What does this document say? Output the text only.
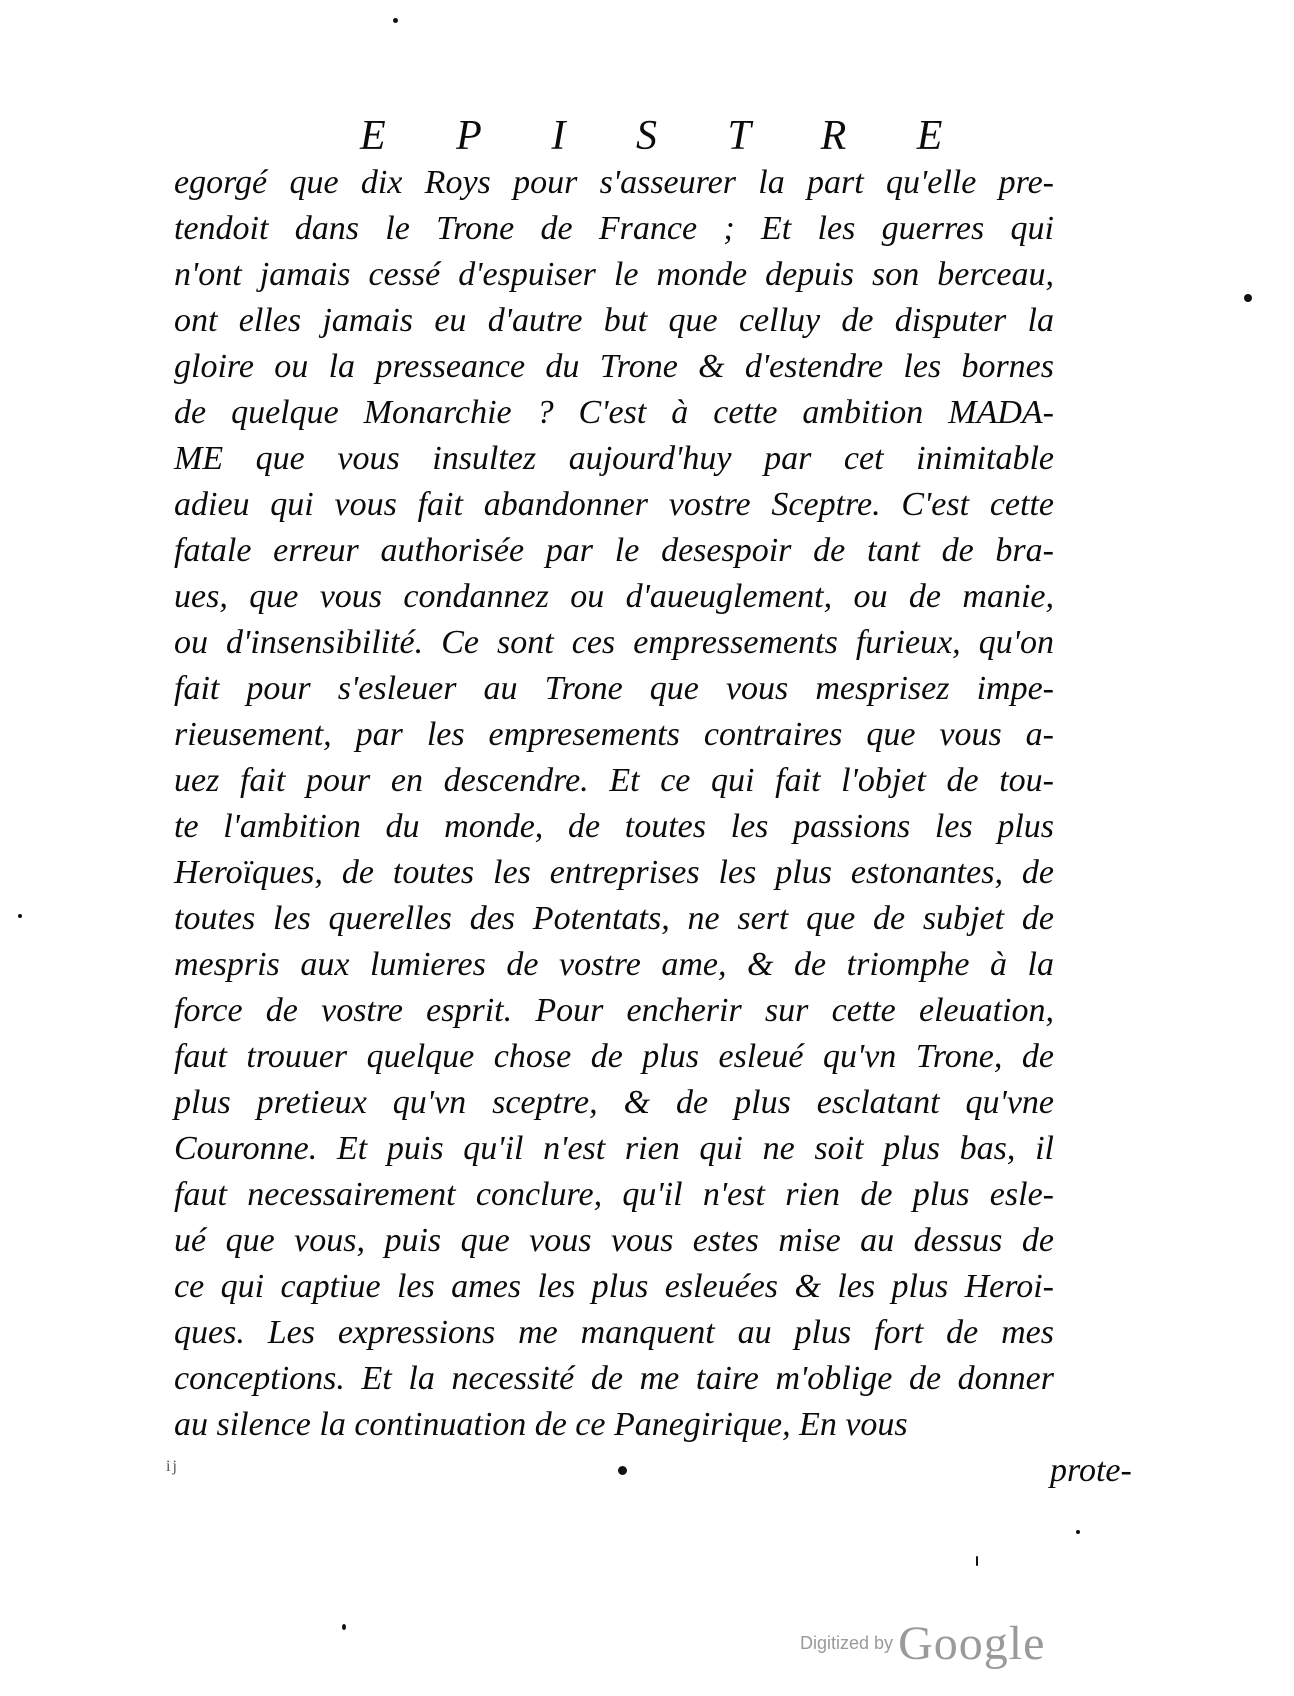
E P I S T R E
egorgé que dix Roys pour s'asseurer la part qu'elle pre-
tendoit dans le Trone de France ; Et les guerres qui
n'ont jamais cessé d'espuiser le monde depuis son berceau,
ont elles jamais eu d'autre but que celluy de disputer la
gloire ou la presseance du Trone & d'estendre les bornes
de quelque Monarchie ? C'est à cette ambition MADA-
ME que vous insultez aujourd'huy par cet inimitable
adieu qui vous fait abandonner vostre Sceptre. C'est cette
fatale erreur authorisée par le desespoir de tant de bra-
ues, que vous condannez ou d'aueuglement, ou de manie,
ou d'insensibilité. Ce sont ces empressements furieux, qu'on
fait pour s'esleuer au Trone que vous mesprisez impe-
rieusement, par les empresements contraires que vous a-
uez fait pour en descendre. Et ce qui fait l'objet de tou-
te l'ambition du monde, de toutes les passions les plus
Heroïques, de toutes les entreprises les plus estonantes, de
toutes les querelles des Potentats, ne sert que de subjet de
mespris aux lumieres de vostre ame, & de triomphe à la
force de vostre esprit. Pour encherir sur cette eleuation,
faut trouuer quelque chose de plus esleué qu'vn Trone, de
plus pretieux qu'vn sceptre, & de plus esclatant qu'vne
Couronne. Et puis qu'il n'est rien qui ne soit plus bas, il
faut necessairement conclure, qu'il n'est rien de plus esle-
ué que vous, puis que vous vous estes mise au dessus de
ce qui captiue les ames les plus esleuées & les plus Heroi-
ques. Les expressions me manquent au plus fort de mes
conceptions. Et la necessité de me taire m'oblige de donner
au silence la continuation de ce Panegirique, En vous
prote-
ij
Digitized by Google
